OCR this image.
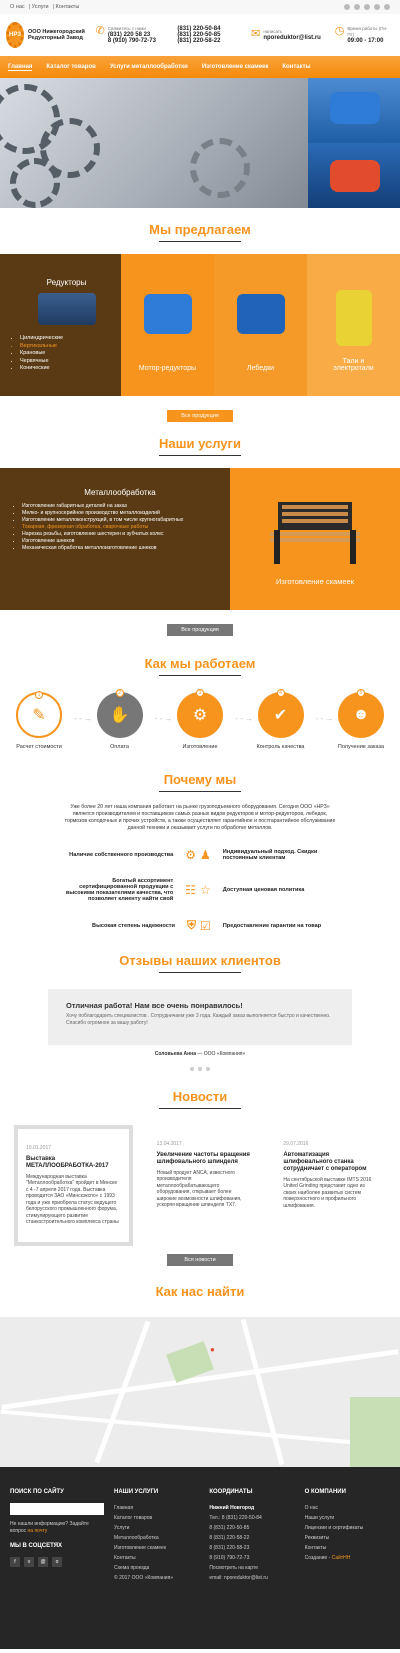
О нас | Услуги | Контакты
НРЗ	ООО Нижегородский Редукторный Завод
✆ Свяжитесь с нами
(831) 220 58 23
8 (910) 790-72-73
(831) 220-50-84
(831) 220-50-85
(831) 220-58-22
✉ написать
nporeduktor@list.ru
◷ Время работы (Пн-Пт)
09:00 - 17:00
Главная Каталог товаров Услуги металлообработки Изготовление скамеек Контакты
Мы предлагаем
Редукторы
• Цилиндрические
• Вертикальные
• Крановые
• Червячные
• Конические	Мотор-редукторы	Лебедки
Тали и электротали
Все продукция
Наши услуги
Металлообработка
• Изготовление габаритных деталей на заказ
• Мелко- и крупносерийное производство металлоизделий
• Изготовление металлоконструкций, в том числе крупногабаритных
• Токарная, фрезерная обработка, сварочные работы
• Нарезка резьбы, изготовление шестерен и зубчатых колес
• Изготовление шнеков
• Механическая обработка металлоизготовление шнеков
Изготовление скамеек
Все продукция
Как мы работаем
1
✎
Расчет стоимости
- - →
2
✋
Оплата
- - →
3
⚙
Изготовление
- - →
4
✔
Контроль качества
- - →
5
☻
Получение заказа
Почему мы
Уже более 20 лет наша компания работает на рынке грузоподъемного оборудования. Сегодня ООО «НРЗ» является производителем и поставщиком самых разных видов редукторов и мотор-редукторов, лебедок, тормозов колодочных и прочих устройств, а также осуществляет гарантийное и постгарантийное обслуживание данной техники и оказывает услуги по обработке металлов.
Наличие собственного производства ⚙ ♟ Индивидуальный подход. Скидки постоянным клиентам
Богатый ассортимент сертифицированной продукции с высокими показателями качества, что позволяет клиенту найти свой
☷ ☆ Доступная ценовая политика
Высокая степень надежности ⛨ ☑ Предоставление гарантии на товар
Отзывы наших клиентов
Отличная работа! Нам все очень понравилось!
Хочу поблагодарить специалистов . Сотрудничаем уже 3 года. Каждый заказ выполняется быстро и качественно. Спасибо огромное за вашу работу!
Соловьева Анна — ООО «Компания»
Новости
10.01.2017
Выставка МЕТАЛЛООБРАБОТКА-2017
Международная выставка "Металлообработка" пройдет в Минске с 4 -7 апреля 2017 года. Выставка проводится ЗАО «Минскэкспо» с 1993 года и уже приобрела статус ведущего белорусского промышленного форума, стимулирующего развитие станкостроительного комплекса страны
13.04.2017
Увеличение частоты вращения шлифовального шпинделя
Новый продукт ANCA, известного производителя металлообрабатывающего оборудования, открывает более широкие возможности шлифования, ускоряя вращение шпинделя ТХ7.
29.07.2016
Автоматизация шлифовального станка сотрудничает с оператором
На сентябрьской выставке IMTS 2016 United Grinding представит одно из своих наиболее развитых систем поверхностного и профильного шлифования.
Вся новости
Как нас найти
●
ПОИСК ПО САЙТУ
Не нашли информацию? Задайте вопрос на почту
МЫ В СОЦСЕТЯХ
f	v	@	o
НАШИ УСЛУГИ
Главная
Каталог товаров
Услуги
Металлообработка
Изготовление скамеек
Контакты
Схема проезда
© 2017 ООО «Компания»
КООРДИНАТЫ
Нижний Новгород
Тел.: 8 (831) 220-50-84
8 (831) 220-50-85
8 (831) 220-58-22
8 (831) 220-58-23
8 (910) 790-72-73
Посмотреть на карте
email: nporeduktor@list.ru
О КОМПАНИИ
О нас
Наши услуги
Лицензии и сертификаты
Реквизиты
Контакты
Создание - СайтНН
